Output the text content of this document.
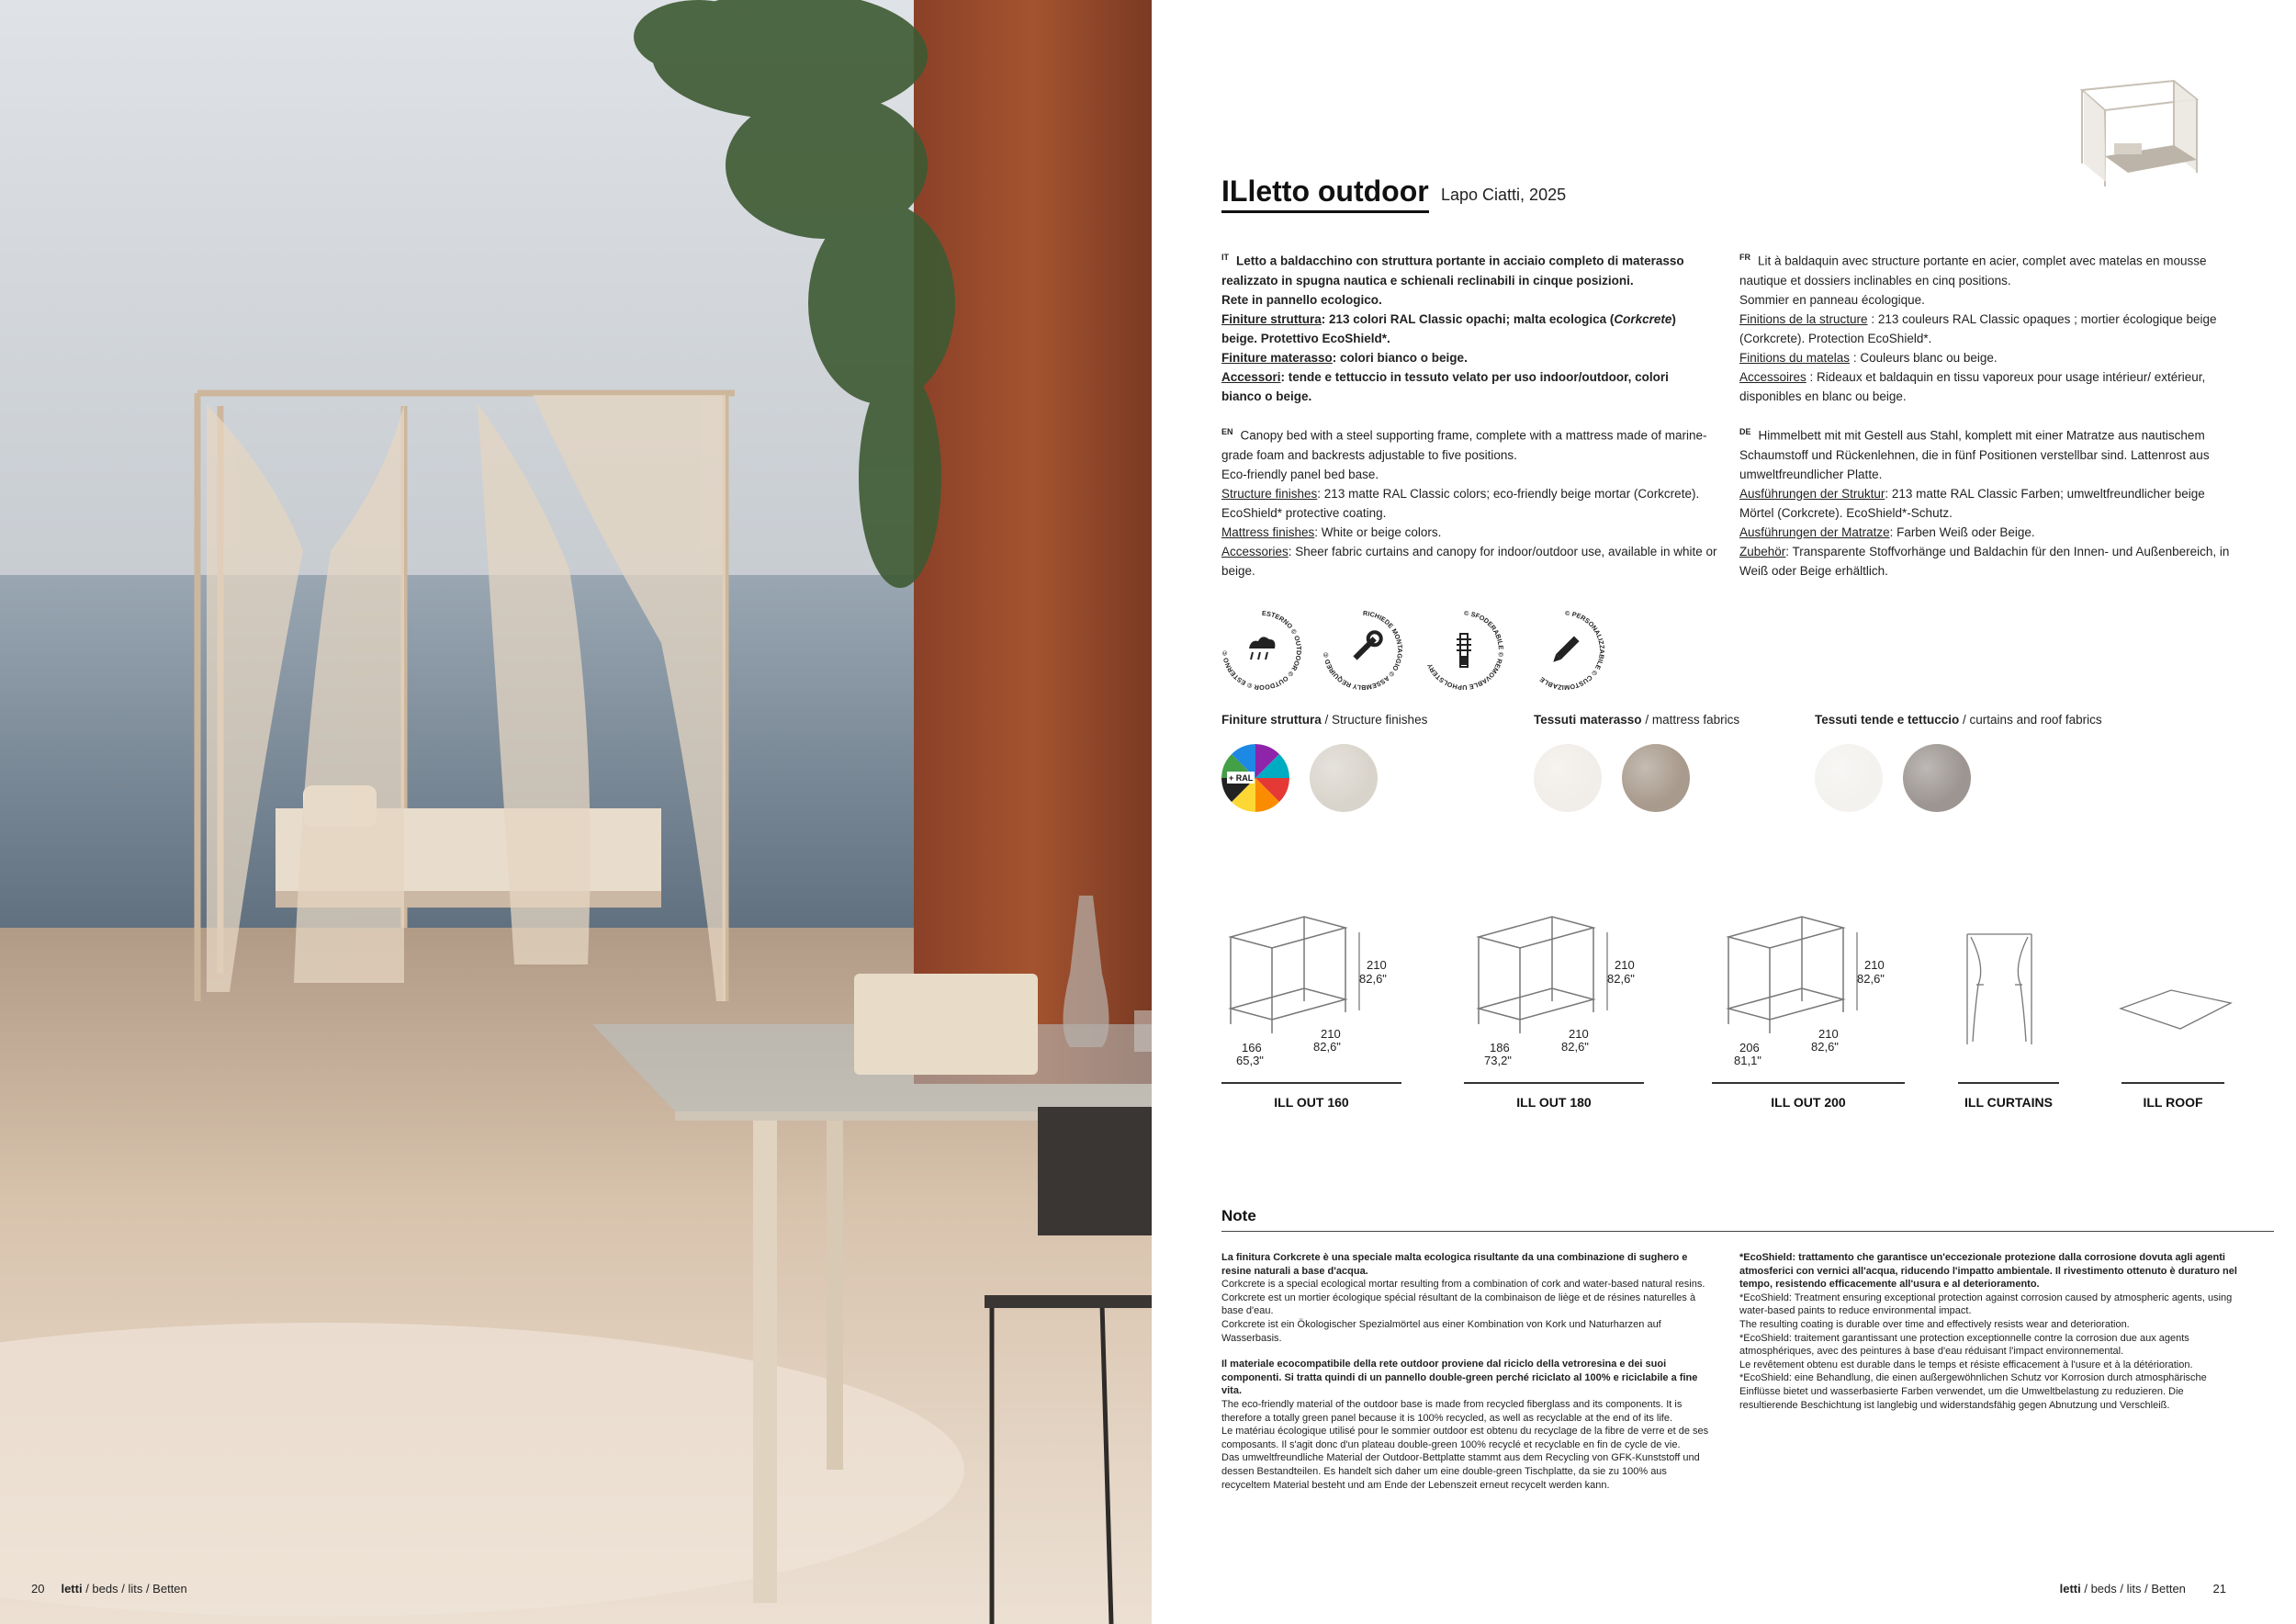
ILletto outdoor Lapo Ciatti, 2025

$^{IT}$ Letto a baldacchino con struttura portante in acciaio completo di materasso realizzato in spugna nautica e schienali reclinabili in cinque posizioni.

Rete in pannello ecologico.

Finiture struttura: 213 colori RAL Classic opachi; malta ecologica (Corkcrete) beige. Protettivo EcoShield*.

Finiture materasso: colori bianco o beige.

Accessori: tende e tettuccio in tessuto velato per uso indoor/outdoor, colori bianco o beige.

$^{EN}$ Canopy bed with a steel supporting frame, complete with a mattress made of marine-grade foam and backrests adjustable to five positions.

Eco-friendly panel bed base.

Structure finishes: 213 matte RAL Classic colors; eco-friendly beige mortar (Corkcrete). EcoShield* protective coating.

Mattress finishes: White or beige colors.

Accessories: Sheer fabric curtains and canopy for indoor/outdoor use, available in white or beige.

$^{FR}$ Lit à baldaquin avec structure portante en acier, complet avec matelas en mousse nautique et dossiers inclinables en cinq positions.

Sommier en panneau écologique.

Finitions de la structure : 213 couleurs RAL Classic opaques ; mortier écologique beige (Corkcrete). Protection EcoShield*.

Finitions du matelas : Couleurs blanc ou beige.

Accessoires : Rideaux et baldaquin en tissu vaporeux pour usage intérieur/ extérieur, disponibles en blanc ou beige.

$^{DE}$ Himmelbett mit mit Gestell aus Stahl, komplett mit einer Matratze aus nautischem Schaumstoff und Rückenlehnen, die in fünf Positionen verstellbar sind. Lattenrost aus umweltfreundlicher Platte.

Ausführungen der Struktur: 213 matte RAL Classic Farben; umweltfreundlicher beige Mörtel (Corkcrete). EcoShield*-Schutz.

Ausführungen der Matratze: Farben Weiß oder Beige.

Zubehör: Transparente Stoffvorhänge und Baldachin für den Innen- und Außenbereich, in Weiß oder Beige erhältlich.

ESTERNO © OUTDOOR © OUTDOOR © ESTERNO ©
RICHIEDE MONTAGGIO © ASSEMBLY REQUIRED ©
© SFODERABILE © REMOVABLE UPHOLSTERY
© PERSONALIZZABILE © CUSTOMIZABLE
Finiture struttura / Structure finishes	Tessuti materasso / mattress fabrics	Tessuti tende e tettuccio / curtains and roof fabrics
+ RAL
210
82,6"
210
82,6"
166
65,3"
210
82,6"
210
82,6"
186
73,2"
210
82,6"
210
82,6"
206
81,1"
ILL OUT 160	ILL OUT 180	ILL OUT 200	ILL CURTAINS	ILL ROOF
Note

La finitura Corkcrete è una speciale malta ecologica risultante da una combinazione di sughero e resine naturali a base d'acqua.
Corkcrete is a special ecological mortar resulting from a combination of cork and water-based natural resins.
Corkcrete est un mortier écologique spécial résultant de la combinaison de liège et de résines naturelles à base d'eau.
Corkcrete ist ein Ökologischer Spezialmörtel aus einer Kombination von Kork und Naturharzen auf Wasserbasis.

Il materiale ecocompatibile della rete outdoor proviene dal riciclo della vetroresina e dei suoi componenti. Si tratta quindi di un pannello double-green perché riciclato al 100% e riciclabile a fine vita.
The eco-friendly material of the outdoor base is made from recycled fiberglass and its components. It is therefore a totally green panel because it is 100% recycled, as well as recyclable at the end of its life.
Le matériau écologique utilisé pour le sommier outdoor est obtenu du recyclage de la fibre de verre et de ses composants. Il s'agit donc d'un plateau double-green 100% recyclé et recyclable en fin de cycle de vie.
Das umweltfreundliche Material der Outdoor-Bettplatte stammt aus dem Recycling von GFK-Kunststoff und dessen Bestandteilen. Es handelt sich daher um eine double-green Tischplatte, da sie zu 100% aus recyceltem Material besteht und am Ende der Lebenszeit erneut recycelt werden kann.

*EcoShield: trattamento che garantisce un'eccezionale protezione dalla corrosione dovuta agli agenti atmosferici con vernici all'acqua, riducendo l'impatto ambientale. Il rivestimento ottenuto è duraturo nel tempo, resistendo efficacemente all'usura e al deterioramento.
*EcoShield: Treatment ensuring exceptional protection against corrosion caused by atmospheric agents, using water-based paints to reduce environmental impact.
The resulting coating is durable over time and effectively resists wear and deterioration.
*EcoShield: traitement garantissant une protection exceptionnelle contre la corrosion due aux agents atmosphériques, avec des peintures à base d'eau réduisant l'impact environnemental.
Le revêtement obtenu est durable dans le temps et résiste efficacement à l'usure et à la détérioration.
*EcoShield: eine Behandlung, die einen außergewöhnlichen Schutz vor Korrosion durch atmosphärische Einflüsse bietet und wasserbasierte Farben verwendet, um die Umweltbelastung zu reduzieren. Die resultierende Beschichtung ist langlebig und widerstandsfähig gegen Abnutzung und Verschleiß.

letti / beds / lits / Betten 21
20 letti / beds / lits / Betten
